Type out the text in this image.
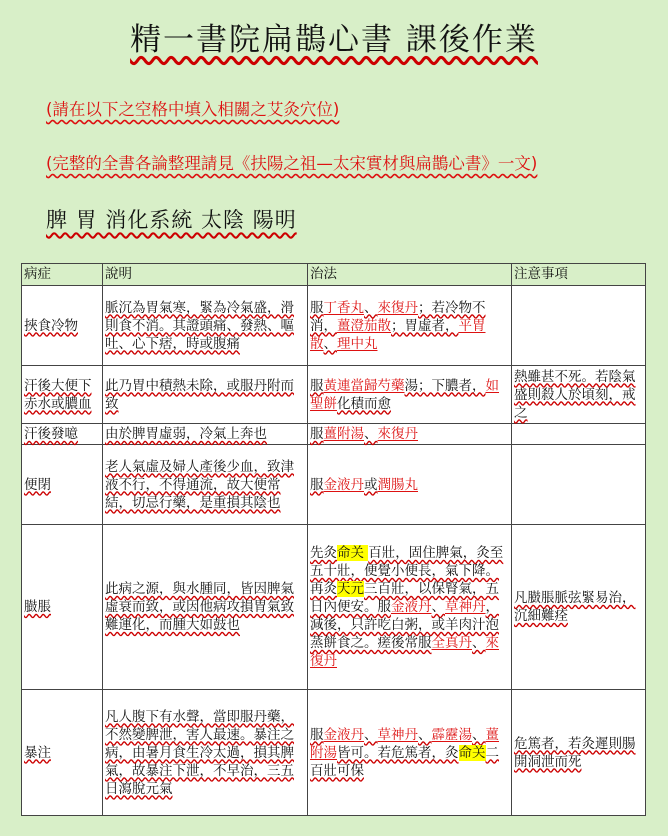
精一書院扁鵲心書 課後作業
(請在以下之空格中填入相關之艾灸穴位)
(完整的全書各論整理請見《扶陽之祖—太宋實材與扁鵲心書》一文)
脾 胃 消化系統 太陰 陽明
病症	說明	治法	注意事項
挾食冷物	脈沉為胃氣寒，緊為冷氣盛，滑則食不消。其證頭痛、發熱、嘔吐、心下痞，時或腹痛	服丁香丸、來復丹；若冷物不消，薑澄茄散；胃虛者，平胃散、理中丸	
汗後大便下赤水或膿血	此乃胃中積熱未除，或服丹附而致	服黃連當歸芍藥湯；下膿者，如聖餅化積而愈	熱雖甚不死。若陰氣盛則殺人於頃刻，戒之
汗後發噫	由於脾胃虛弱，冷氣上奔也	服薑附湯、來復丹	
便閉	老人氣虛及婦人產後少血，致津液不行，不得通流，故大便常結，切忌行藥，是重損其陰也	服金液丹或潤腸丸	
臌脹	此病之源，與水腫同，皆因脾氣虛衰而致，或因他病攻損胃氣致難運化，而腫大如鼓也	先灸命关 百壯，固住脾氣，灸至五十壯，便覺小便長，氣下降。再灸天元三百壯，以保腎氣，五日內便安。服金液丹、草神丹，減後，只許吃白粥，或羊肉汁泡蒸餅食之。瘥後常服全真丹、來復丹	凡臌脹脈弦緊易治，沉細難痊
暴注	凡人腹下有水聲，當即服丹藥，不然變脾泄，害人最速。暴注之病，由暑月食生冷太過，損其脾氣，故暴注下泄，不早治，三五日瀉脫元氣	服金液丹、草神丹、霹靂湯、薑附湯皆可。若危篤者，灸命关二百壯可保	危篤者，若灸遲則腸開洞泄而死
